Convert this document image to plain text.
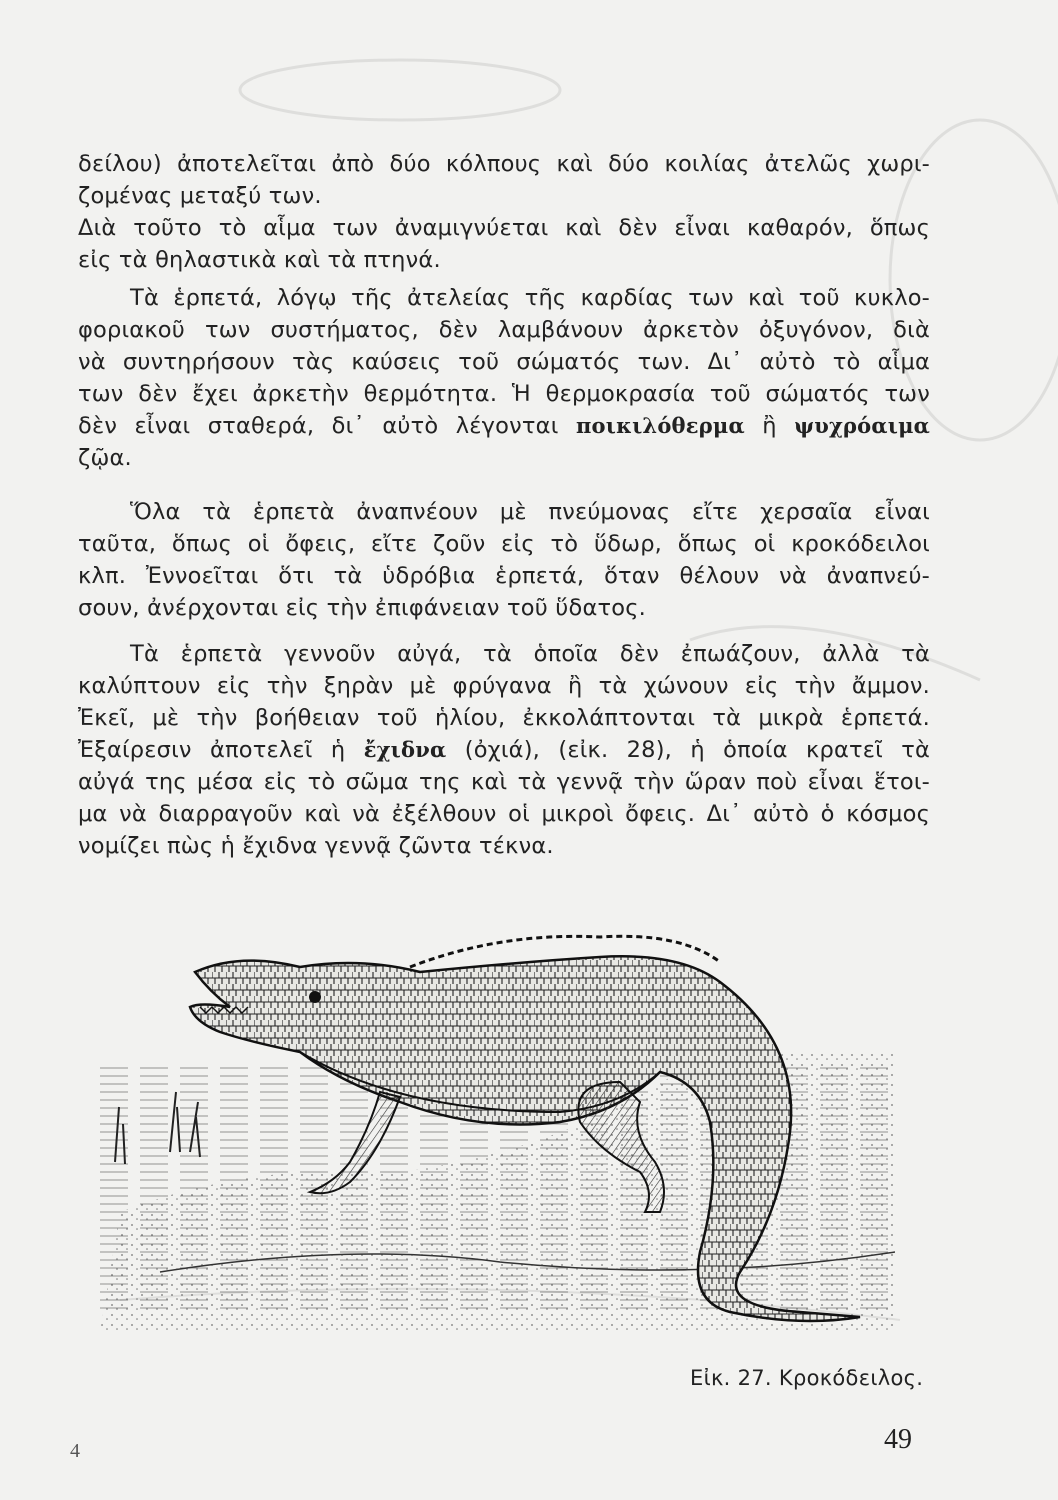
δείλου) ἀποτελεῖται ἀπὸ δύο κόλπους καὶ δύο κοιλίας ἀτελῶς χωρι-
ζομένας μεταξύ των.
Διὰ τοῦτο τὸ αἷμα των ἀναμιγνύεται καὶ δὲν εἶναι καθαρόν, ὅπως
εἰς τὰ θηλαστικὰ καὶ τὰ πτηνά.
Τὰ ἑρπετά, λόγῳ τῆς ἀτελείας τῆς καρδίας των καὶ τοῦ κυκλο-
φοριακοῦ των συστήματος, δὲν λαμβάνουν ἀρκετὸν ὀξυγόνον, διὰ
νὰ συντηρήσουν τὰς καύσεις τοῦ σώματός των. Δι᾽ αὐτὸ τὸ αἷμα
των δὲν ἔχει ἀρκετὴν θερμότητα. Ἡ θερμοκρασία τοῦ σώματός των
δὲν εἶναι σταθερά, δι᾽ αὐτὸ λέγονται ποικιλόθερμα ἢ ψυχρόαιμα
ζῷα.
Ὅλα τὰ ἑρπετὰ ἀναπνέουν μὲ πνεύμονας εἴτε χερσαῖα εἶναι
ταῦτα, ὅπως οἱ ὄφεις, εἴτε ζοῦν εἰς τὸ ὕδωρ, ὅπως οἱ κροκόδειλοι
κλπ. Ἐννοεῖται ὅτι τὰ ὑδρόβια ἑρπετά, ὅταν θέλουν νὰ ἀναπνεύ-
σουν, ἀνέρχονται εἰς τὴν ἐπιφάνειαν τοῦ ὕδατος.
Τὰ ἑρπετὰ γεννοῦν αὐγά, τὰ ὁποῖα δὲν ἐπωάζουν, ἀλλὰ τὰ
καλύπτουν εἰς τὴν ξηρὰν μὲ φρύγανα ἢ τὰ χώνουν εἰς τὴν ἄμμον.
Ἐκεῖ, μὲ τὴν βοήθειαν τοῦ ἡλίου, ἐκκολάπτονται τὰ μικρὰ ἑρπετά.
Ἐξαίρεσιν ἀποτελεῖ ἡ ἔχιδνα (ὀχιά), (εἰκ. 28), ἡ ὁποία κρατεῖ τὰ
αὐγά της μέσα εἰς τὸ σῶμα της καὶ τὰ γεννᾷ τὴν ὥραν ποὺ εἶναι ἕτοι-
μα νὰ διαρραγοῦν καὶ νὰ ἐξέλθουν οἱ μικροὶ ὄφεις. Δι᾽ αὐτὸ ὁ κόσμος
νομίζει πὼς ἡ ἔχιδνα γεννᾷ ζῶντα τέκνα.
Εἰκ. 27. Κροκόδειλος.
49
4
